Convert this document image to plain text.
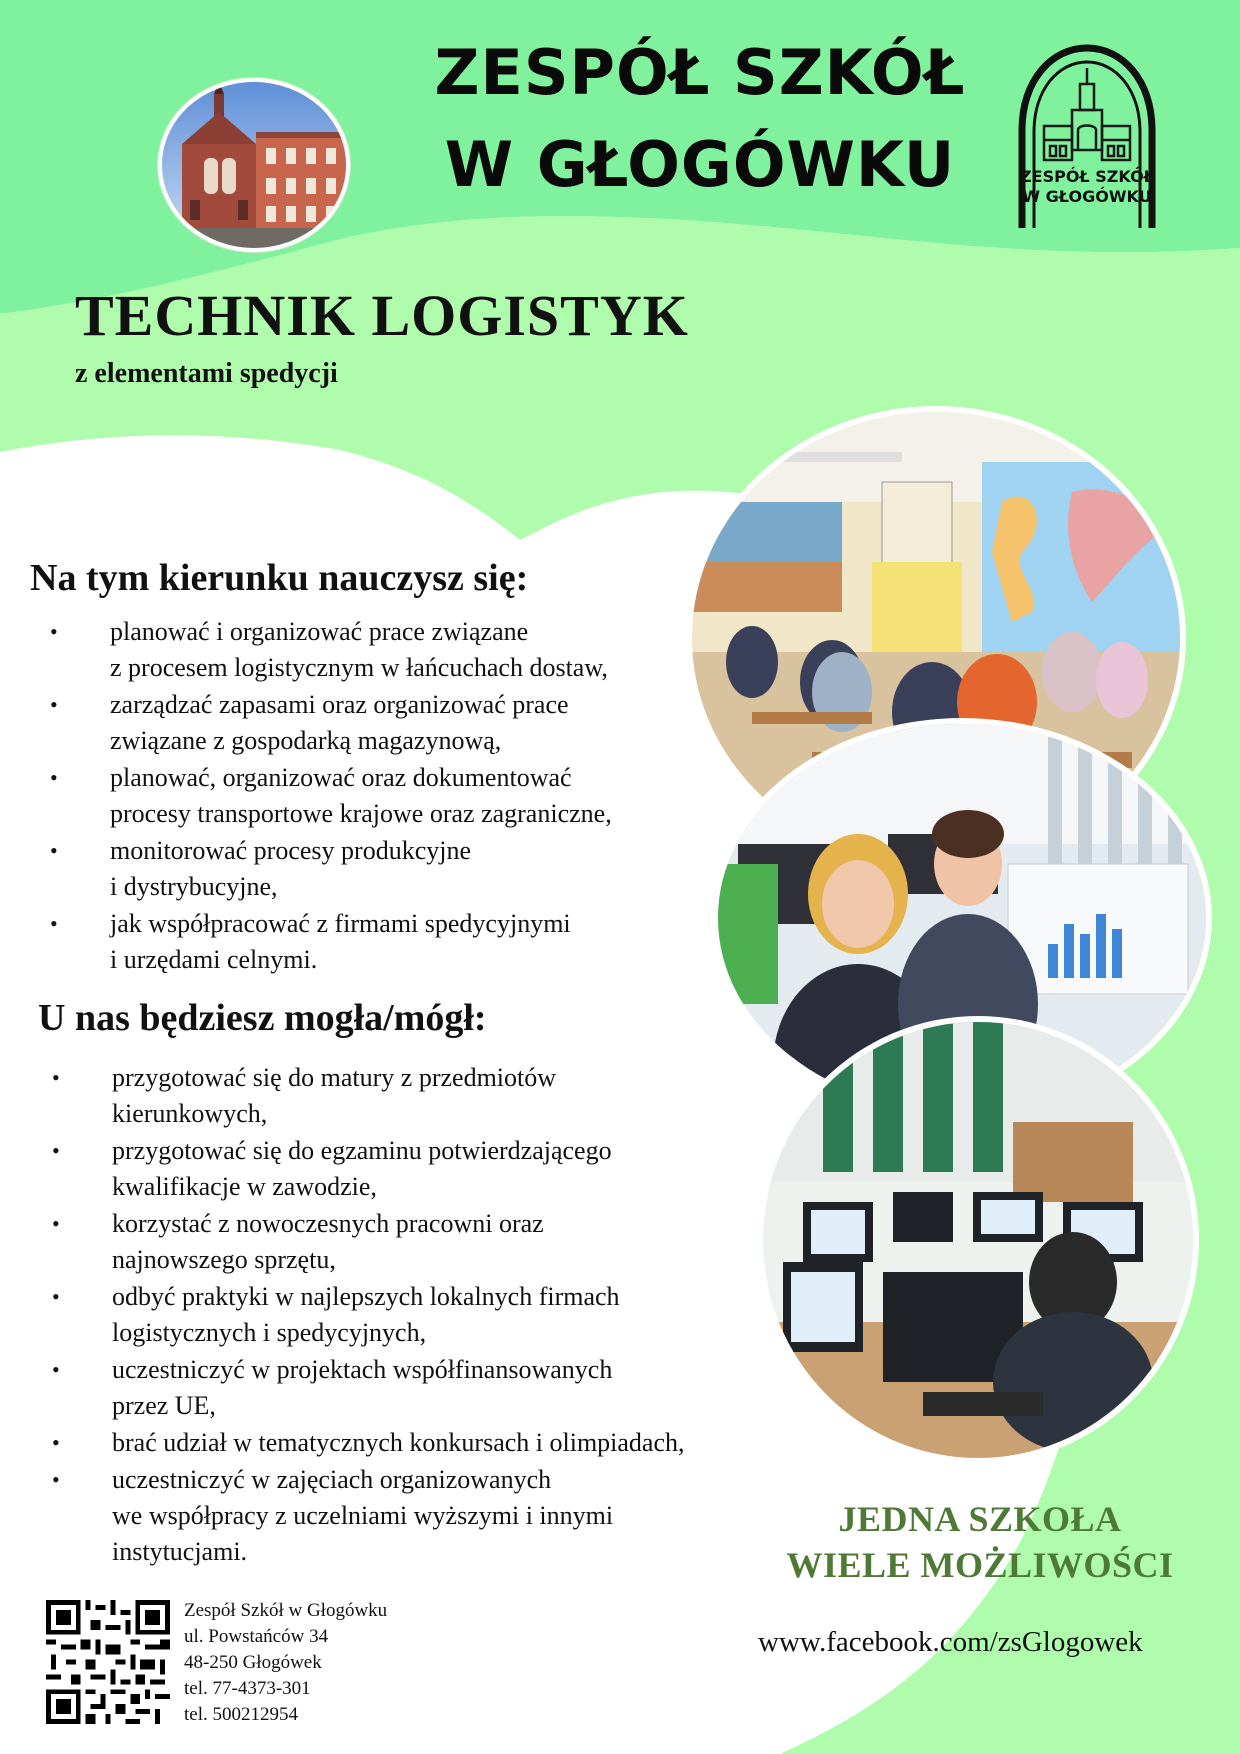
ZESPÓŁ SZKÓŁ
W GŁOGÓWKU	ZESPÓŁ SZKÓŁ
W GŁOGÓWKU
TECHNIK LOGISTYK
z elementami spedycji
Na tym kierunku nauczysz się:
• planować i organizować prace związane
z procesem logistycznym w łańcuchach dostaw,
• zarządzać zapasami oraz organizować prace
związane z gospodarką magazynową,
• planować, organizować oraz dokumentować
procesy transportowe krajowe oraz zagraniczne,
• monitorować procesy produkcyjne
i dystrybucyjne,
• jak współpracować z firmami spedycyjnymi
i urzędami celnymi.
U nas będziesz mogła/mógł:
• przygotować się do matury z przedmiotów
kierunkowych,
• przygotować się do egzaminu potwierdzającego
kwalifikacje w zawodzie,
• korzystać z nowoczesnych pracowni oraz
najnowszego sprzętu,
• odbyć praktyki w najlepszych lokalnych firmach
logistycznych i spedycyjnych,
• uczestniczyć w projektach współfinansowanych
przez UE,
• brać udział w tematycznych konkursach i olimpiadach,
• uczestniczyć w zajęciach organizowanych
we współpracy z uczelniami wyższymi i innymi
instytucjami.
JEDNA SZKOŁA
WIELE MOŻLIWOŚCI
www.facebook.com/zsGlogowek
Zespół Szkół w Głogówku
ul. Powstańców 34
48-250 Głogówek
tel. 77-4373-301
tel. 500212954
